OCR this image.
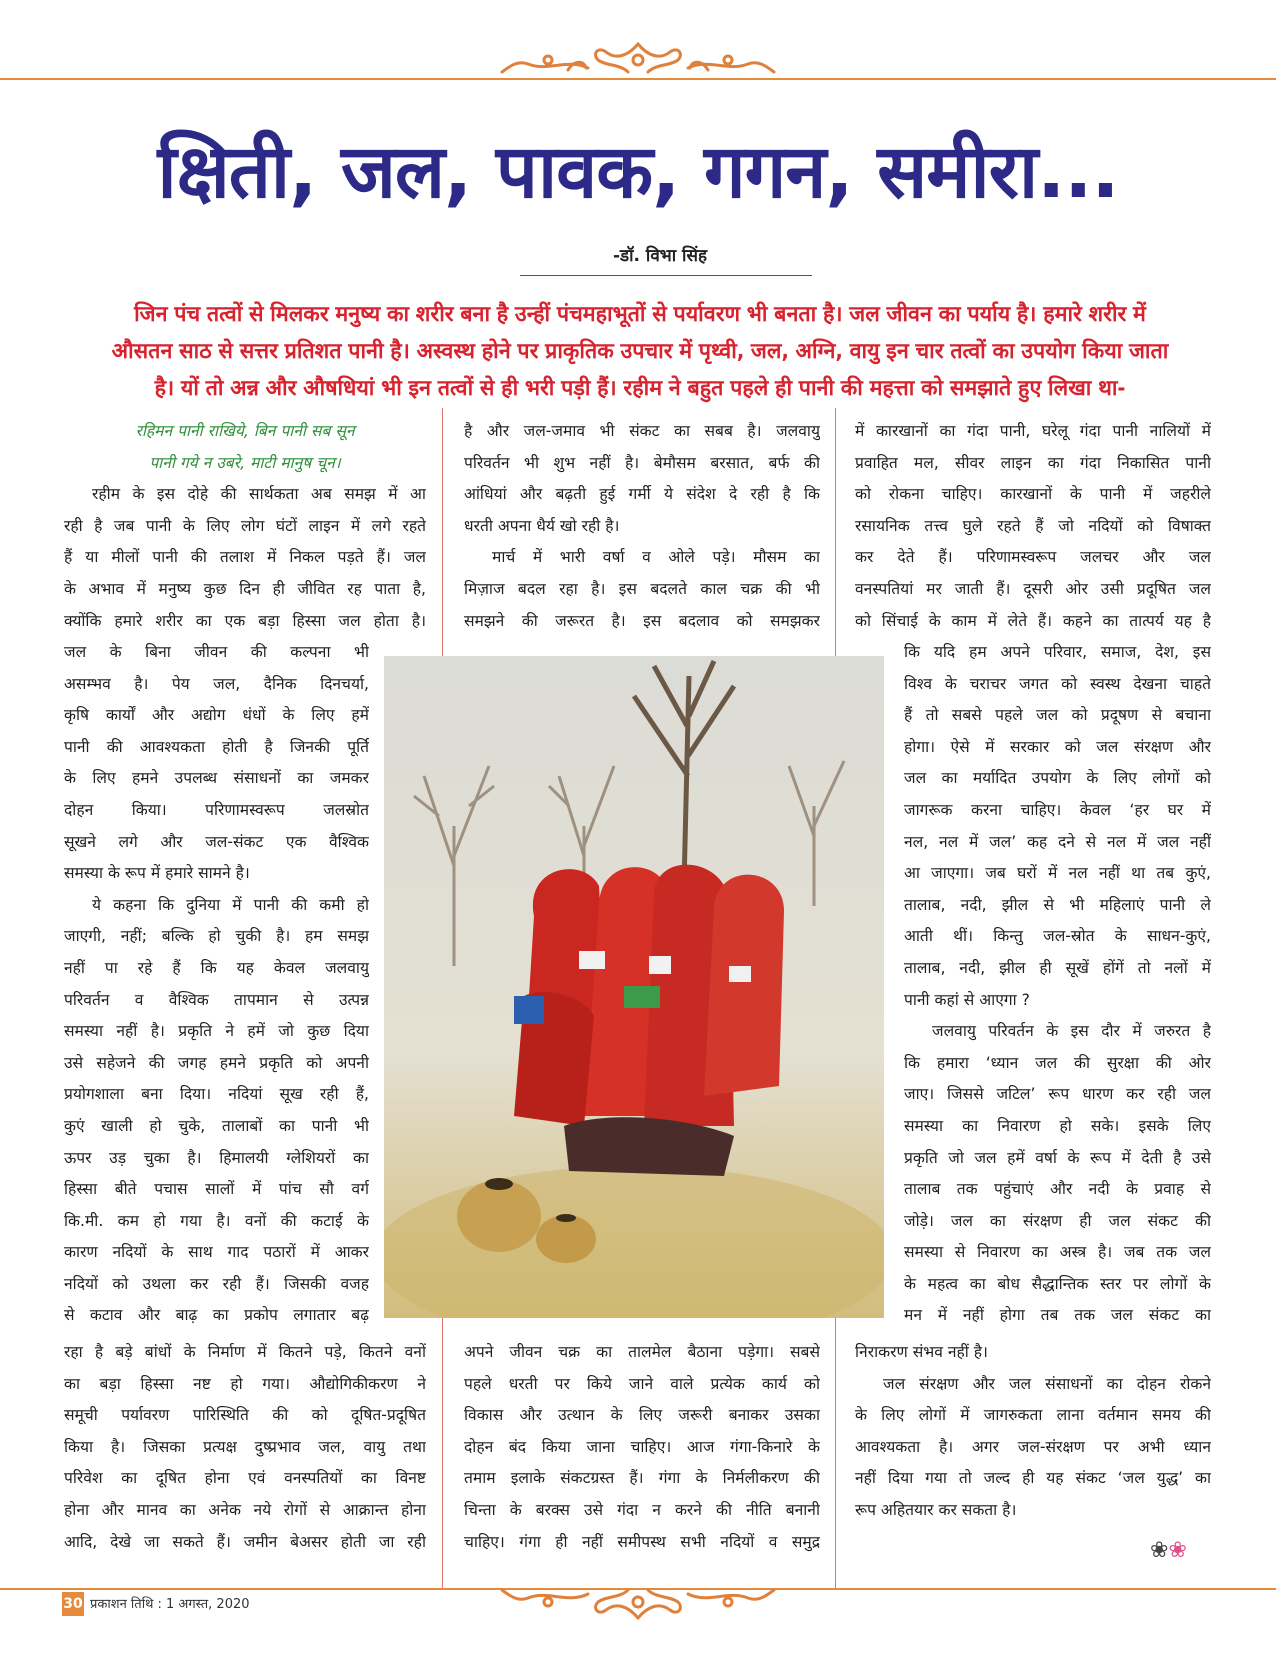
क्षिती, जल, पावक, गगन, समीरा...
-डॉ. विभा सिंह
जिन पंच तत्वों से मिलकर मनुष्य का शरीर बना है उन्हीं पंचमहाभूतों से पर्यावरण भी बनता है। जल जीवन का पर्याय है। हमारे शरीर में
औसतन साठ से सत्तर प्रतिशत पानी है। अस्वस्थ होने पर प्राकृतिक उपचार में पृथ्वी, जल, अग्नि, वायु इन चार तत्वों का उपयोग किया जाता
है। यों तो अन्न और औषधियां भी इन तत्वों से ही भरी पड़ी हैं। रहीम ने बहुत पहले ही पानी की महत्ता को समझाते हुए लिखा था-
रहिमन पानी राखिये, बिन पानी सब सून
पानी गये न उबरे, माटी मानुष चून।
रहीम के इस दोहे की सार्थकता अब समझ में आ
रही है जब पानी के लिए लोग घंटों लाइन में लगे रहते
हैं या मीलों पानी की तलाश में निकल पड़ते हैं। जल
के अभाव में मनुष्य कुछ दिन ही जीवित रह पाता है,
क्योंकि हमारे शरीर का एक बड़ा हिस्सा जल होता है।
जल के बिना जीवन की कल्पना भी
असम्भव है। पेय जल, दैनिक दिनचर्या,
कृषि कार्यों और अद्योग धंधों के लिए हमें
पानी की आवश्यकता होती है जिनकी पूर्ति
के लिए हमने उपलब्ध संसाधनों का जमकर
दोहन किया। परिणामस्वरूप जलस्रोत
सूखने लगे और जल-संकट एक वैश्विक
समस्या के रूप में हमारे सामने है।
ये कहना कि दुनिया में पानी की कमी हो
जाएगी, नहीं; बल्कि हो चुकी है। हम समझ
नहीं पा रहे हैं कि यह केवल जलवायु
परिवर्तन व वैश्विक तापमान से उत्पन्न
समस्या नहीं है। प्रकृति ने हमें जो कुछ दिया
उसे सहेजने की जगह हमने प्रकृति को अपनी
प्रयोगशाला बना दिया। नदियां सूख रही हैं,
कुएं खाली हो चुके, तालाबों का पानी भी
ऊपर उड़ चुका है। हिमालयी ग्लेशियरों का
हिस्सा बीते पचास सालों में पांच सौ वर्ग
कि.मी. कम हो गया है। वनों की कटाई के
कारण नदियों के साथ गाद पठारों में आकर
नदियों को उथला कर रही हैं। जिसकी वजह
से कटाव और बाढ़ का प्रकोप लगातार बढ़
रहा है बड़े बांधों के निर्माण में कितने पड़े, कितने वनों
का बड़ा हिस्सा नष्ट हो गया। औद्योगिकीकरण ने
समूची पर्यावरण पारिस्थिति की को दूषित-प्रदूषित
किया है। जिसका प्रत्यक्ष दुष्प्रभाव जल, वायु तथा
परिवेश का दूषित होना एवं वनस्पतियों का विनष्ट
होना और मानव का अनेक नये रोगों से आक्रान्त होना
आदि, देखे जा सकते हैं। जमीन बेअसर होती जा रही
है और जल-जमाव भी संकट का सबब है। जलवायु
परिवर्तन भी शुभ नहीं है। बेमौसम बरसात, बर्फ की
आंधियां और बढ़ती हुई गर्मी ये संदेश दे रही है कि
धरती अपना धैर्य खो रही है।
मार्च में भारी वर्षा व ओले पड़े। मौसम का
मिज़ाज बदल रहा है। इस बदलते काल चक्र की भी
समझने की जरूरत है। इस बदलाव को समझकर
अपने जीवन चक्र का तालमेल बैठाना पड़ेगा। सबसे
पहले धरती पर किये जाने वाले प्रत्येक कार्य को
विकास और उत्थान के लिए जरूरी बनाकर उसका
दोहन बंद किया जाना चाहिए। आज गंगा-किनारे के
तमाम इलाके संकटग्रस्त हैं। गंगा के निर्मलीकरण की
चिन्ता के बरक्स उसे गंदा न करने की नीति बनानी
चाहिए। गंगा ही नहीं समीपस्थ सभी नदियों व समुद्र
में कारखानों का गंदा पानी, घरेलू गंदा पानी नालियों में
प्रवाहित मल, सीवर लाइन का गंदा निकासित पानी
को रोकना चाहिए। कारखानों के पानी में जहरीले
रसायनिक तत्त्व घुले रहते हैं जो नदियों को विषाक्त
कर देते हैं। परिणामस्वरूप जलचर और जल
वनस्पतियां मर जाती हैं। दूसरी ओर उसी प्रदूषित जल
को सिंचाई के काम में लेते हैं। कहने का तात्पर्य यह है
कि यदि हम अपने परिवार, समाज, देश, इस
विश्व के चराचर जगत को स्वस्थ देखना चाहते
हैं तो सबसे पहले जल को प्रदूषण से बचाना
होगा। ऐसे में सरकार को जल संरक्षण और
जल का मर्यादित उपयोग के लिए लोगों को
जागरूक करना चाहिए। केवल ‘हर घर में
नल, नल में जल’ कह दने से नल में जल नहीं
आ जाएगा। जब घरों में नल नहीं था तब कुएं,
तालाब, नदी, झील से भी महिलाएं पानी ले
आती थीं। किन्तु जल-स्रोत के साधन-कुएं,
तालाब, नदी, झील ही सूखें होंगें तो नलों में
पानी कहां से आएगा ?
जलवायु परिवर्तन के इस दौर में जरुरत है
कि हमारा ‘ध्यान जल की सुरक्षा की ओर
जाए। जिससे जटिल’ रूप धारण कर रही जल
समस्या का निवारण हो सके। इसके लिए
प्रकृति जो जल हमें वर्षा के रूप में देती है उसे
तालाब तक पहुंचाएं और नदी के प्रवाह से
जोड़े। जल का संरक्षण ही जल संकट की
समस्या से निवारण का अस्त्र है। जब तक जल
के महत्व का बोध सैद्धान्तिक स्तर पर लोगों के
मन में नहीं होगा तब तक जल संकट का
निराकरण संभव नहीं है।
जल संरक्षण और जल संसाधनों का दोहन रोकने
के लिए लोगों में जागरुकता लाना वर्तमान समय की
आवश्यकता है। अगर जल-संरक्षण पर अभी ध्यान
नहीं दिया गया तो जल्द ही यह संकट ‘जल युद्ध’ का
रूप अहितयार कर सकता है।
30 प्रकाशन तिथि : 1 अगस्त, 2020
❀❀
